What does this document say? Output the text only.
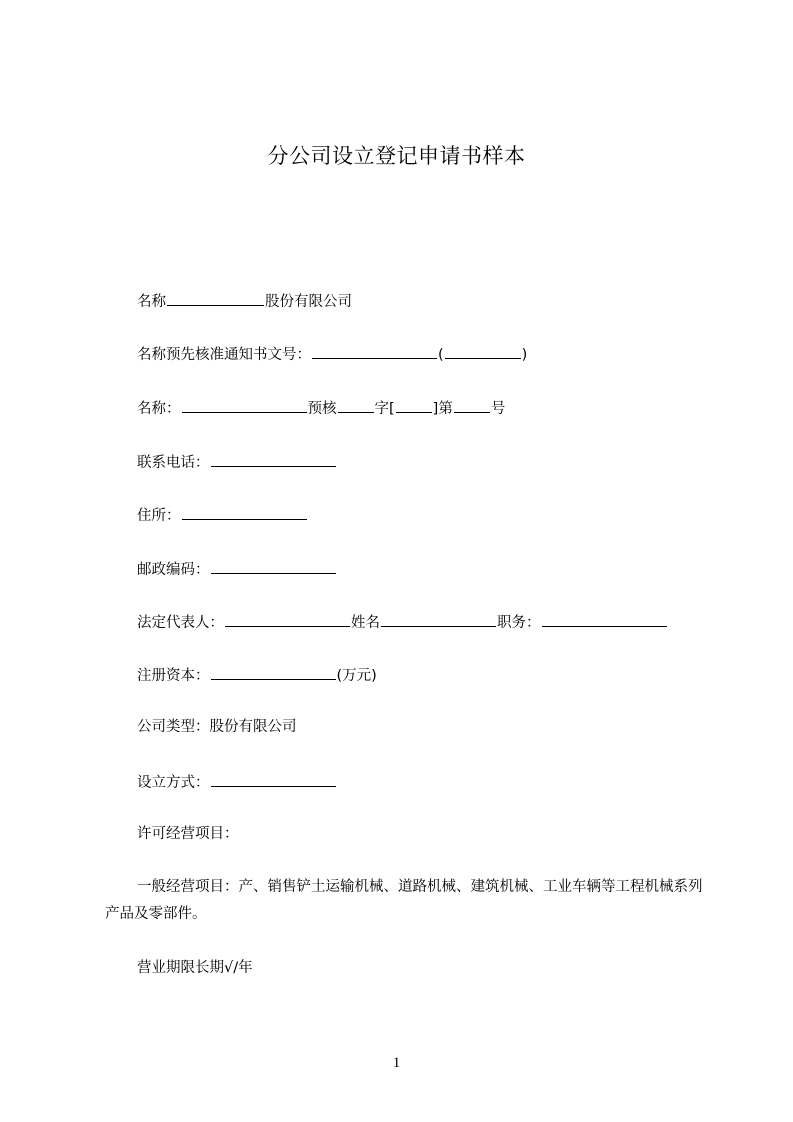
分公司设立登记申请书样本
名称	股份有限公司
名称预先核准通知书文号：	(	)
名称：	预核	字[	]第	号
联系电话：
住所：
邮政编码：
法定代表人：	姓名	职务：
注册资本：	(万元)
公司类型：股份有限公司
设立方式：
许可经营项目：
一般经营项目：产、销售铲土运输机械、道路机械、建筑机械、工业车辆等工程机械系列产品及零部件。
营业期限长期√/年
1
